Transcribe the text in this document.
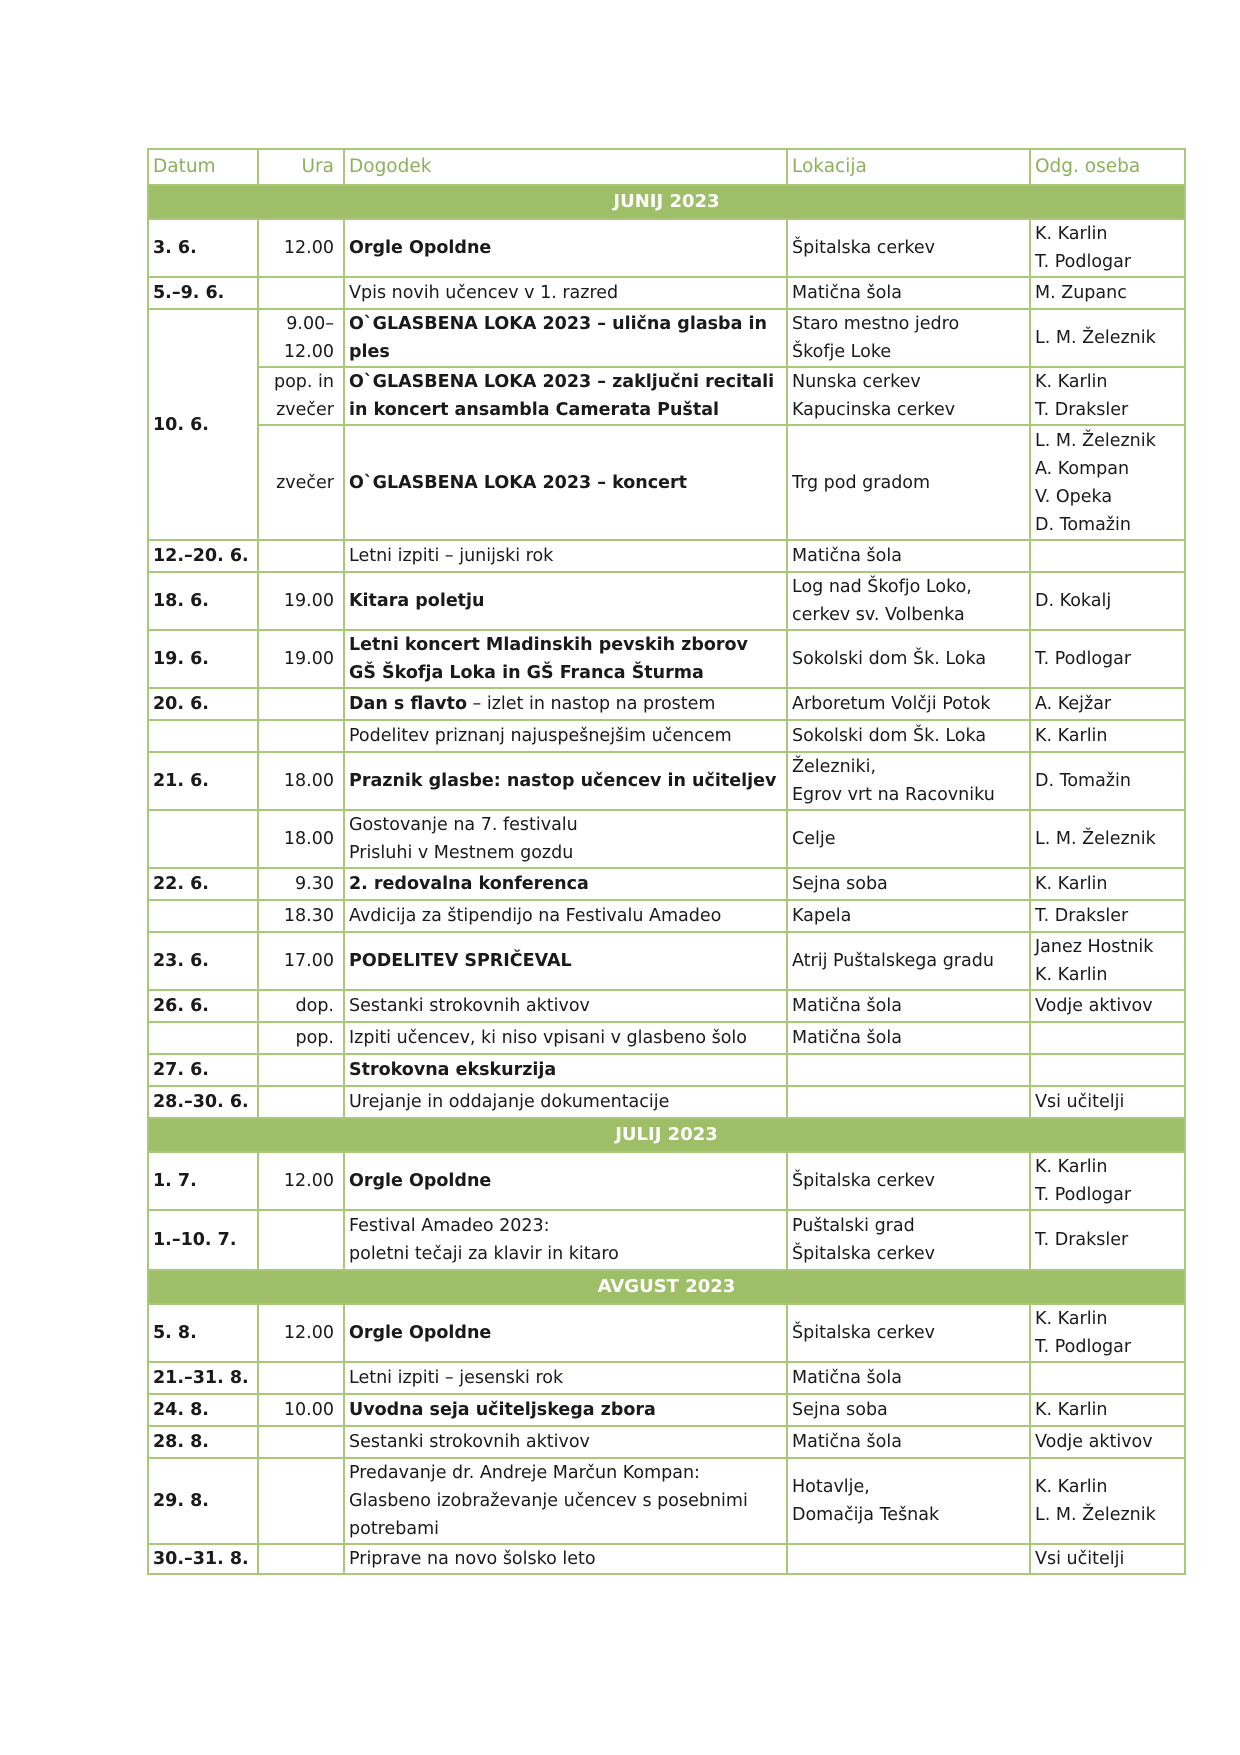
Datum	Ura	Dogodek	Lokacija	Odg. oseba
JUNIJ 2023				
3. 6.	12.00	Orgle Opoldne	Špitalska cerkev	K. Karlin
T. Podlogar
5.–9. 6.		Vpis novih učencev v 1. razred	Matična šola	M. Zupanc
10. 6.	9.00–
12.00	O`GLASBENA LOKA 2023 – ulična glasba in ples	Staro mestno jedro
Škofje Loke	L. M. Železnik
	pop. in
zvečer	O`GLASBENA LOKA 2023 – zaključni recitali in koncert ansambla Camerata Puštal	Nunska cerkev
Kapucinska cerkev	K. Karlin
T. Draksler
	zvečer	O`GLASBENA LOKA 2023 – koncert	Trg pod gradom	L. M. Železnik
A. Kompan
V. Opeka
D. Tomažin
12.–20. 6.		Letni izpiti – junijski rok	Matična šola	
18. 6.	19.00	Kitara poletju	Log nad Škofjo Loko,
cerkev sv. Volbenka	D. Kokalj
19. 6.	19.00	Letni koncert Mladinskih pevskih zborov
GŠ Škofja Loka in GŠ Franca Šturma	Sokolski dom Šk. Loka	T. Podlogar
20. 6.		Dan s flavto – izlet in nastop na prostem	Arboretum Volčji Potok	A. Kejžar
		Podelitev priznanj najuspešnejšim učencem	Sokolski dom Šk. Loka	K. Karlin
21. 6.	18.00	Praznik glasbe: nastop učencev in učiteljev	Železniki,
Egrov vrt na Racovniku	D. Tomažin
	18.00	Gostovanje na 7. festivalu
Prisluhi v Mestnem gozdu	Celje	L. M. Železnik
22. 6.	9.30	2. redovalna konferenca	Sejna soba	K. Karlin
	18.30	Avdicija za štipendijo na Festivalu Amadeo	Kapela	T. Draksler
23. 6.	17.00	PODELITEV SPRIČEVAL	Atrij Puštalskega gradu	Janez Hostnik
K. Karlin
26. 6.	dop.	Sestanki strokovnih aktivov	Matična šola	Vodje aktivov
	pop.	Izpiti učencev, ki niso vpisani v glasbeno šolo	Matična šola	
27. 6.		Strokovna ekskurzija		
28.–30. 6.		Urejanje in oddajanje dokumentacije		Vsi učitelji
JULIJ 2023				
1. 7.	12.00	Orgle Opoldne	Špitalska cerkev	K. Karlin
T. Podlogar
1.–10. 7.		Festival Amadeo 2023:
poletni tečaji za klavir in kitaro	Puštalski grad
Špitalska cerkev	T. Draksler
AVGUST 2023				
5. 8.	12.00	Orgle Opoldne	Špitalska cerkev	K. Karlin
T. Podlogar
21.–31. 8.		Letni izpiti – jesenski rok	Matična šola	
24. 8.	10.00	Uvodna seja učiteljskega zbora	Sejna soba	K. Karlin
28. 8.		Sestanki strokovnih aktivov	Matična šola	Vodje aktivov
29. 8.		Predavanje dr. Andreje Marčun Kompan:
Glasbeno izobraževanje učencev s posebnimi potrebami	Hotavlje,
Domačija Tešnak	K. Karlin
L. M. Železnik
30.–31. 8.		Priprave na novo šolsko leto		Vsi učitelji
